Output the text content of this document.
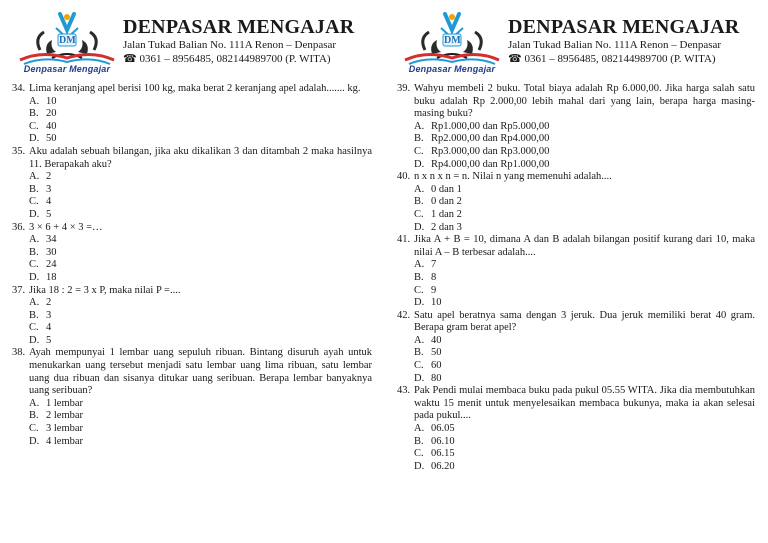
DM
Denpasar Mengajar
DENPASAR MENGAJAR
Jalan Tukad Balian No. 111A Renon – Denpasar
☎ 0361 – 8956485, 082144989700 (P. WITA)
34. Lima keranjang apel berisi 100 kg, maka berat 2 keranjang apel adalah....... kg.
A. 10
B. 20
C. 40
D. 50
35. Aku adalah sebuah bilangan, jika aku dikalikan 3 dan ditambah 2 maka hasilnya 11. Berapakah aku?
A. 2
B. 3
C. 4
D. 5
36. 3 × 6 + 4 × 3 =…
A. 34
B. 30
C. 24
D. 18
37. Jika 18 : 2 = 3 x P, maka nilai P =....
A. 2
B. 3
C. 4
D. 5
38. Ayah mempunyai 1 lembar uang sepuluh ribuan. Bintang disuruh ayah untuk menukarkan uang tersebut menjadi satu lembar uang lima ribuan, satu lembar uang dua ribuan dan sisanya ditukar uang seribuan. Berapa lembar banyaknya uang seribuan?
A. 1 lembar
B. 2 lembar
C. 3 lembar
D. 4 lembar
DM
Denpasar Mengajar
DENPASAR MENGAJAR
Jalan Tukad Balian No. 111A Renon – Denpasar
☎ 0361 – 8956485, 082144989700 (P. WITA)
39. Wahyu membeli 2 buku. Total biaya adalah Rp 6.000,00. Jika harga salah satu buku adalah Rp 2.000,00 lebih mahal dari yang lain, berapa harga masing-masing buku?
A. Rp1.000,00 dan Rp5.000,00
B. Rp2.000,00 dan Rp4.000,00
C. Rp3.000,00 dan Rp3.000,00
D. Rp4.000,00 dan Rp1.000,00
40. n x n x n = n. Nilai n yang memenuhi adalah....
A. 0 dan 1
B. 0 dan 2
C. 1 dan 2
D. 2 dan 3
41. Jika A + B = 10, dimana A dan B adalah bilangan positif kurang dari 10, maka nilai A – B terbesar adalah....
A. 7
B. 8
C. 9
D. 10
42. Satu apel beratnya sama dengan 3 jeruk. Dua jeruk memiliki berat 40 gram. Berapa gram berat apel?
A. 40
B. 50
C. 60
D. 80
43. Pak Pendi mulai membaca buku pada pukul 05.55 WITA. Jika dia membutuhkan waktu 15 menit untuk menyelesaikan membaca bukunya, maka ia akan selesai pada pukul....
A. 06.05
B. 06.10
C. 06.15
D. 06.20
